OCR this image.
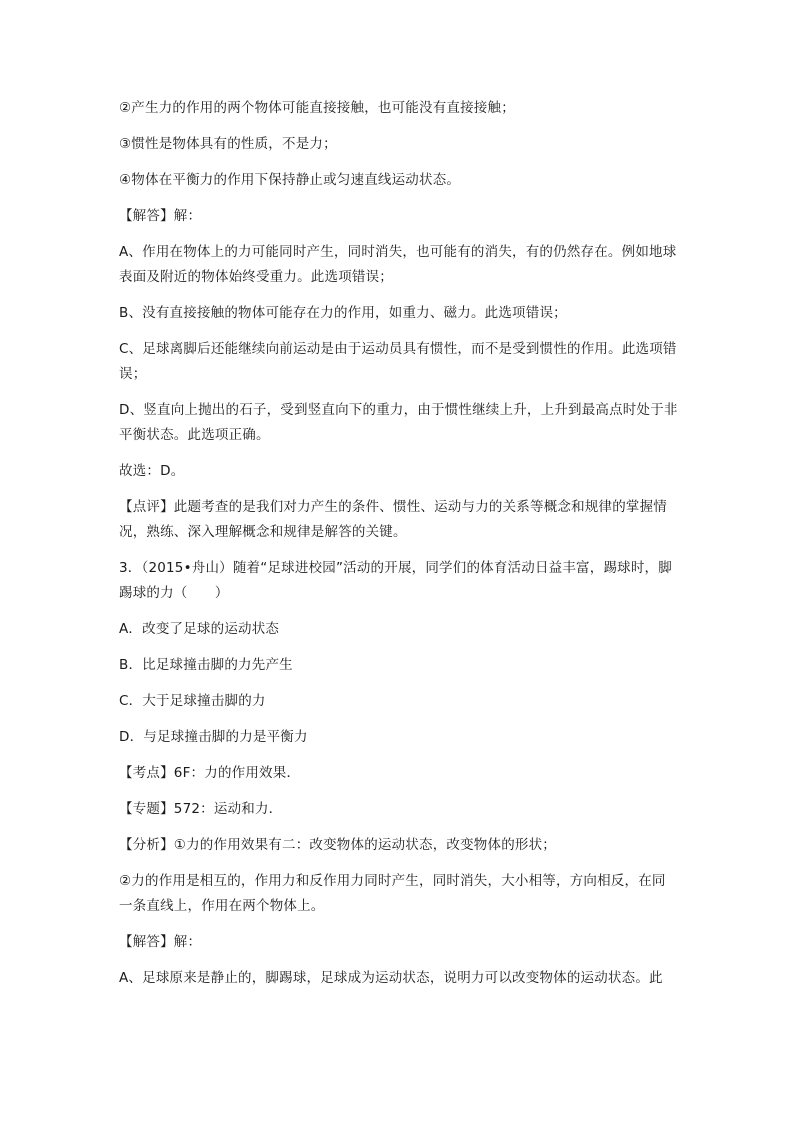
②产生力的作用的两个物体可能直接接触，也可能没有直接接触；

③惯性是物体具有的性质，不是力；

④物体在平衡力的作用下保持静止或匀速直线运动状态。

【解答】解：

A、作用在物体上的力可能同时产生，同时消失，也可能有的消失，有的仍然存在。例如地球表面及附近的物体始终受重力。此选项错误；

B、没有直接接触的物体可能存在力的作用，如重力、磁力。此选项错误；

C、足球离脚后还能继续向前运动是由于运动员具有惯性，而不是受到惯性的作用。此选项错误；

D、竖直向上抛出的石子，受到竖直向下的重力，由于惯性继续上升，上升到最高点时处于非平衡状态。此选项正确。

故选：D。

【点评】此题考查的是我们对力产生的条件、惯性、运动与力的关系等概念和规律的掌握情况，熟练、深入理解概念和规律是解答的关键。

3．（2015•舟山）随着“足球进校园”活动的开展，同学们的体育活动日益丰富，踢球时，脚踢球的力（　　）

A．改变了足球的运动状态

B．比足球撞击脚的力先产生

C．大于足球撞击脚的力

D．与足球撞击脚的力是平衡力

【考点】6F：力的作用效果．

【专题】572：运动和力．

【分析】①力的作用效果有二：改变物体的运动状态，改变物体的形状；

②力的作用是相互的，作用力和反作用力同时产生，同时消失，大小相等，方向相反，在同一条直线上，作用在两个物体上。

【解答】解：

A、足球原来是静止的，脚踢球，足球成为运动状态，说明力可以改变物体的运动状态。此
